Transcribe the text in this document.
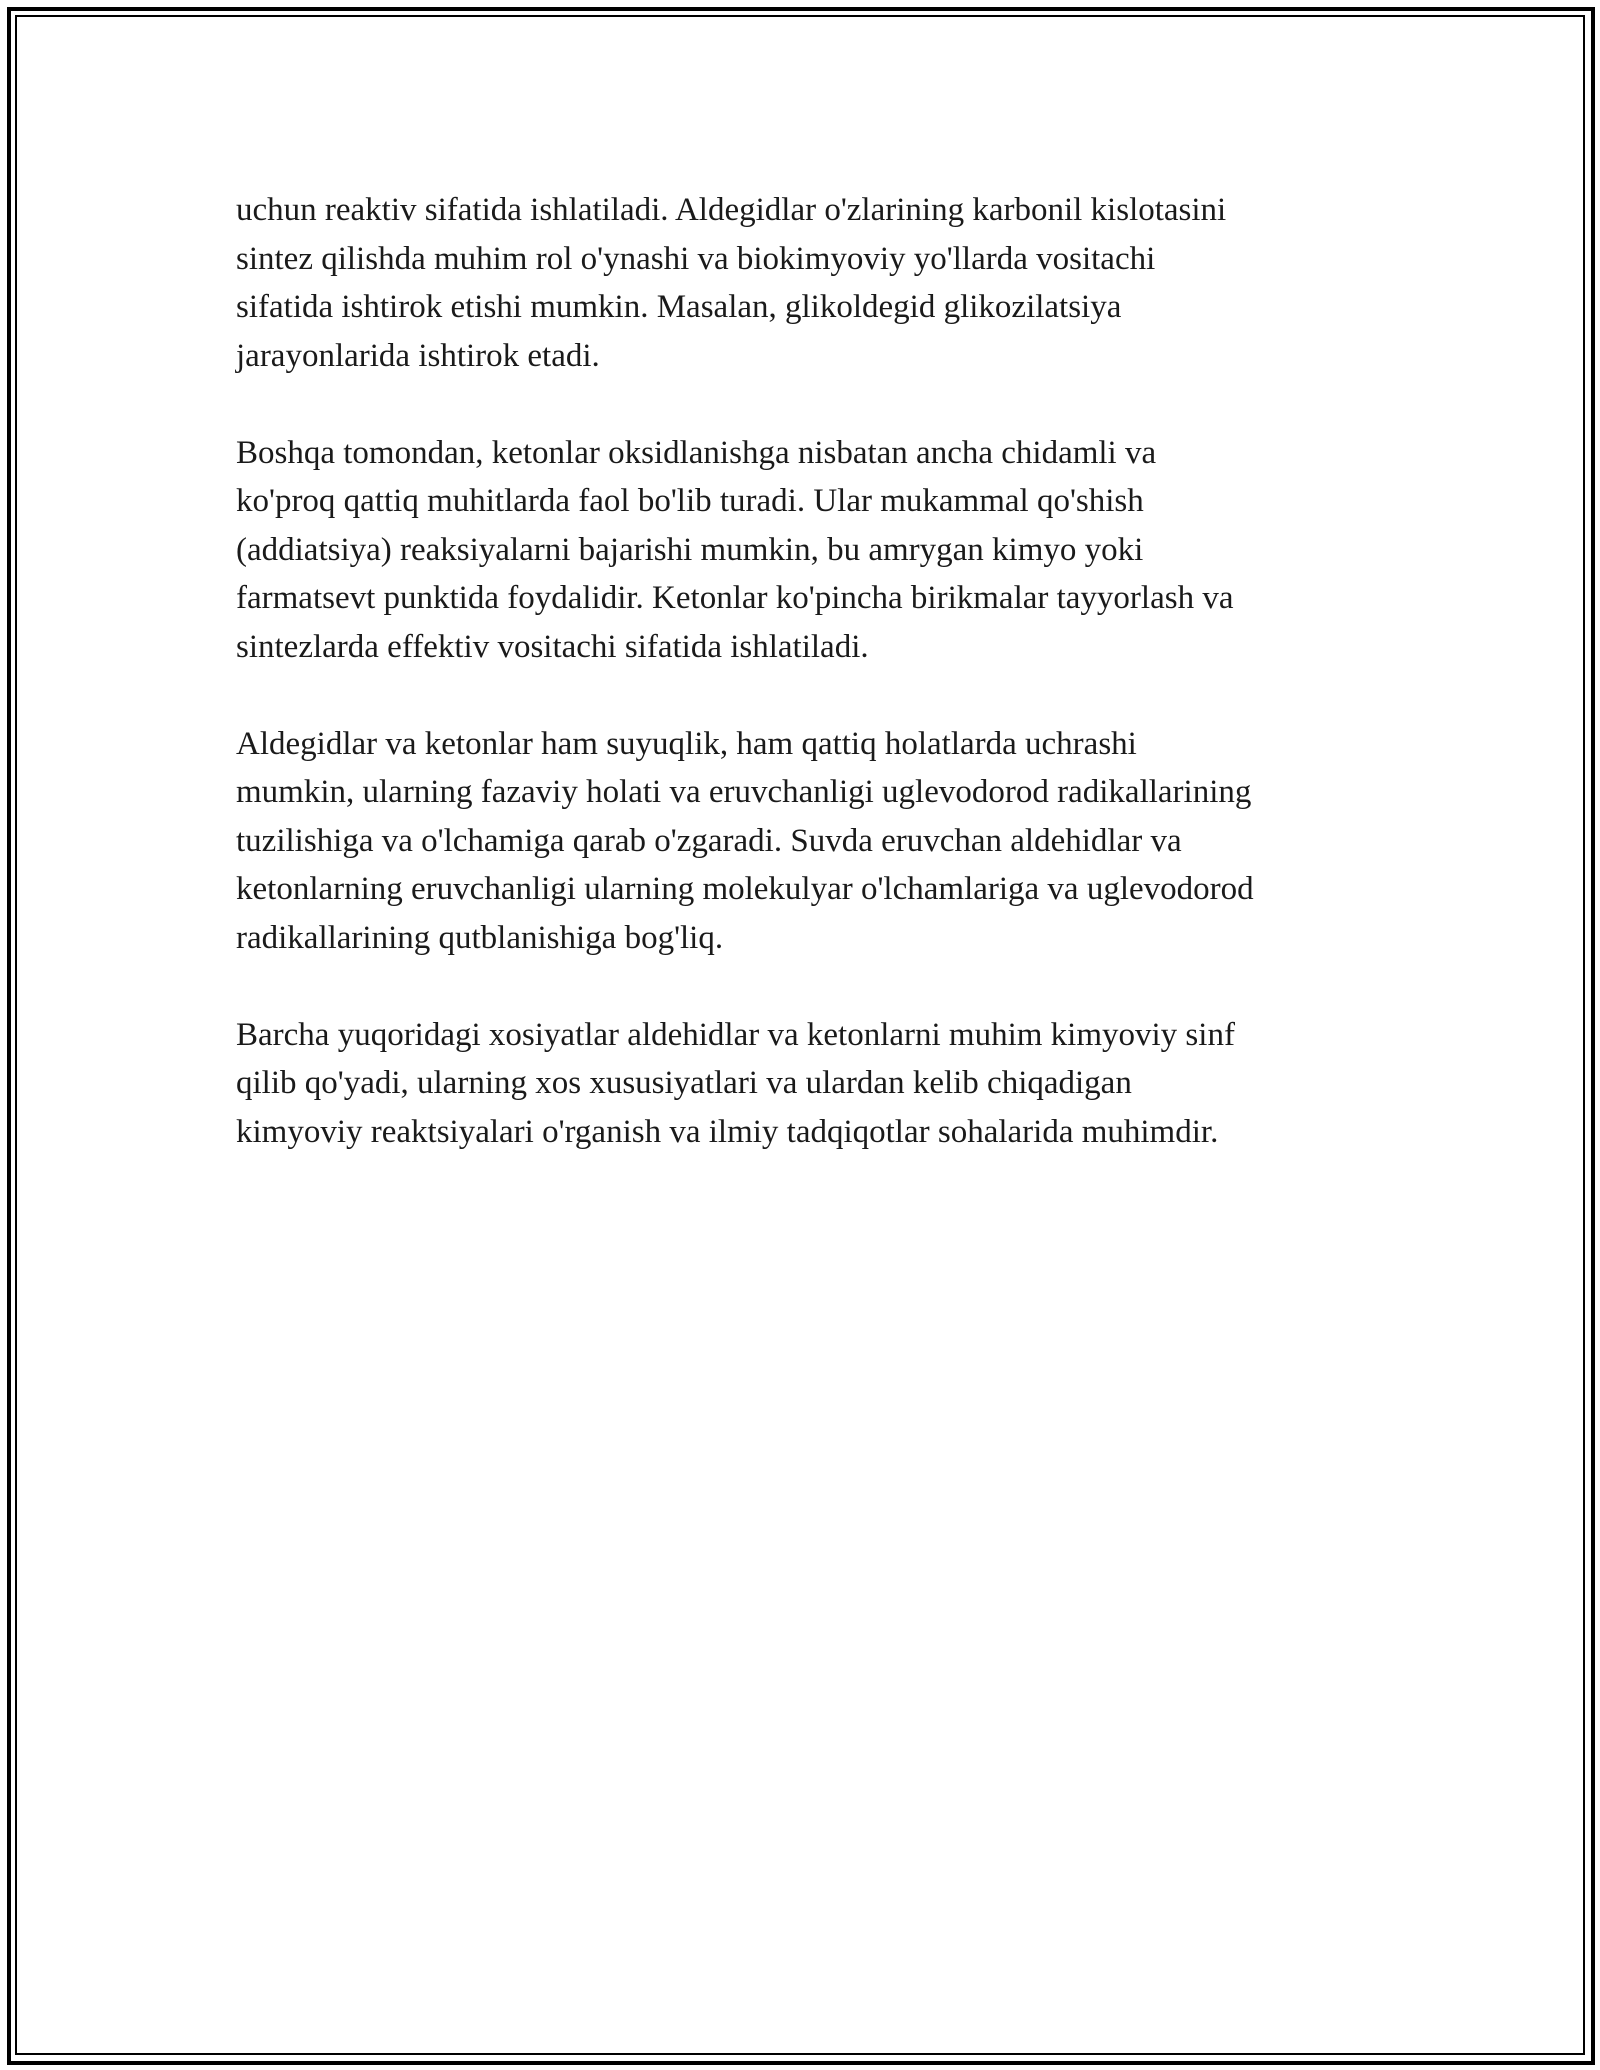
uchun reaktiv sifatida ishlatiladi. Aldegidlar o'zlarining karbonil kislotasini
sintez qilishda muhim rol o'ynashi va biokimyoviy yo'llarda vositachi
sifatida ishtirok etishi mumkin. Masalan, glikoldegid glikozilatsiya
jarayonlarida ishtirok etadi.

Boshqa tomondan, ketonlar oksidlanishga nisbatan ancha chidamli va
ko'proq qattiq muhitlarda faol bo'lib turadi. Ular mukammal qo'shish
(addiatsiya) reaksiyalarni bajarishi mumkin, bu amrygan kimyo yoki
farmatsevt punktida foydalidir. Ketonlar ko'pincha birikmalar tayyorlash va
sintezlarda effektiv vositachi sifatida ishlatiladi.

Aldegidlar va ketonlar ham suyuqlik, ham qattiq holatlarda uchrashi
mumkin, ularning fazaviy holati va eruvchanligi uglevodorod radikallarining
tuzilishiga va o'lchamiga qarab o'zgaradi. Suvda eruvchan aldehidlar va
ketonlarning eruvchanligi ularning molekulyar o'lchamlariga va uglevodorod
radikallarining qutblanishiga bog'liq.

Barcha yuqoridagi xosiyatlar aldehidlar va ketonlarni muhim kimyoviy sinf
qilib qo'yadi, ularning xos xususiyatlari va ulardan kelib chiqadigan
kimyoviy reaktsiyalari o'rganish va ilmiy tadqiqotlar sohalarida muhimdir.
